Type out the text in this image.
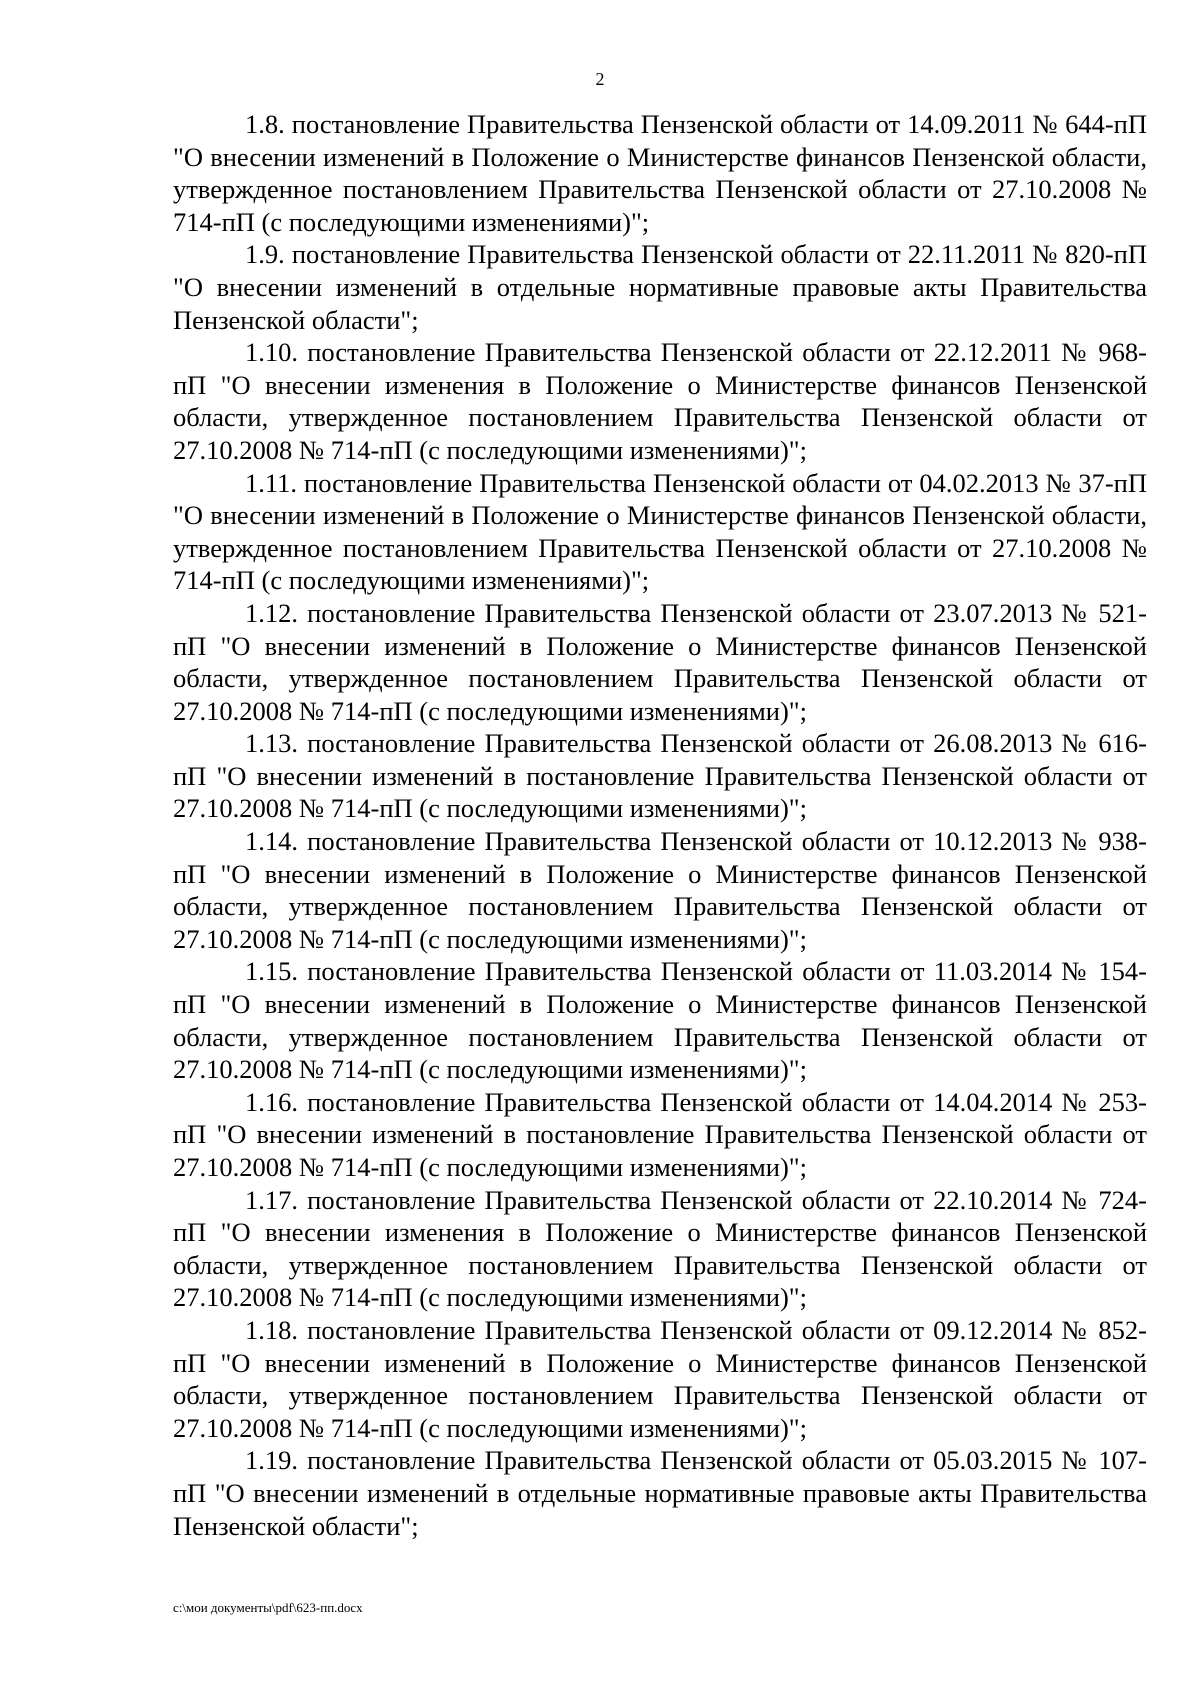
2

1.8. постановление Правительства Пензенской области от 14.09.2011 № 644-пП "О внесении изменений в Положение о Министерстве финансов Пензенской области, утвержденное постановлением Правительства Пензенской области от 27.10.2008 № 714-пП (с последующими изменениями)";

1.9. постановление Правительства Пензенской области от 22.11.2011 № 820-пП "О внесении изменений в отдельные нормативные правовые акты Правительства Пензенской области";

1.10. постановление Правительства Пензенской области от 22.12.2011 № 968-пП "О внесении изменения в Положение о Министерстве финансов Пензенской области, утвержденное постановлением Правительства Пензенской области от 27.10.2008 № 714-пП (с последующими изменениями)";

1.11. постановление Правительства Пензенской области от 04.02.2013 № 37-пП "О внесении изменений в Положение о Министерстве финансов Пензенской области, утвержденное постановлением Правительства Пензенской области от 27.10.2008 № 714-пП (с последующими изменениями)";

1.12. постановление Правительства Пензенской области от 23.07.2013 № 521-пП "О внесении изменений в Положение о Министерстве финансов Пензенской области, утвержденное постановлением Правительства Пензенской области от 27.10.2008 № 714-пП (с последующими изменениями)";

1.13. постановление Правительства Пензенской области от 26.08.2013 № 616-пП "О внесении изменений в постановление Правительства Пензенской области от 27.10.2008 № 714-пП (с последующими изменениями)";

1.14. постановление Правительства Пензенской области от 10.12.2013 № 938-пП "О внесении изменений в Положение о Министерстве финансов Пензенской области, утвержденное постановлением Правительства Пензенской области от 27.10.2008 № 714-пП (с последующими изменениями)";

1.15. постановление Правительства Пензенской области от 11.03.2014 № 154-пП "О внесении изменений в Положение о Министерстве финансов Пензенской области, утвержденное постановлением Правительства Пензенской области от 27.10.2008 № 714-пП (с последующими изменениями)";

1.16. постановление Правительства Пензенской области от 14.04.2014 № 253-пП "О внесении изменений в постановление Правительства Пензенской области от 27.10.2008 № 714-пП (с последующими изменениями)";

1.17. постановление Правительства Пензенской области от 22.10.2014 № 724-пП "О внесении изменения в Положение о Министерстве финансов Пензенской области, утвержденное постановлением Правительства Пензенской области от 27.10.2008 № 714-пП (с последующими изменениями)";

1.18. постановление Правительства Пензенской области от 09.12.2014 № 852-пП "О внесении изменений в Положение о Министерстве финансов Пензенской области, утвержденное постановлением Правительства Пензенской области от 27.10.2008 № 714-пП (с последующими изменениями)";

1.19. постановление Правительства Пензенской области от 05.03.2015 № 107-пП "О внесении изменений в отдельные нормативные правовые акты Правительства Пензенской области";

c:\мои документы\pdf\623-пп.docx
